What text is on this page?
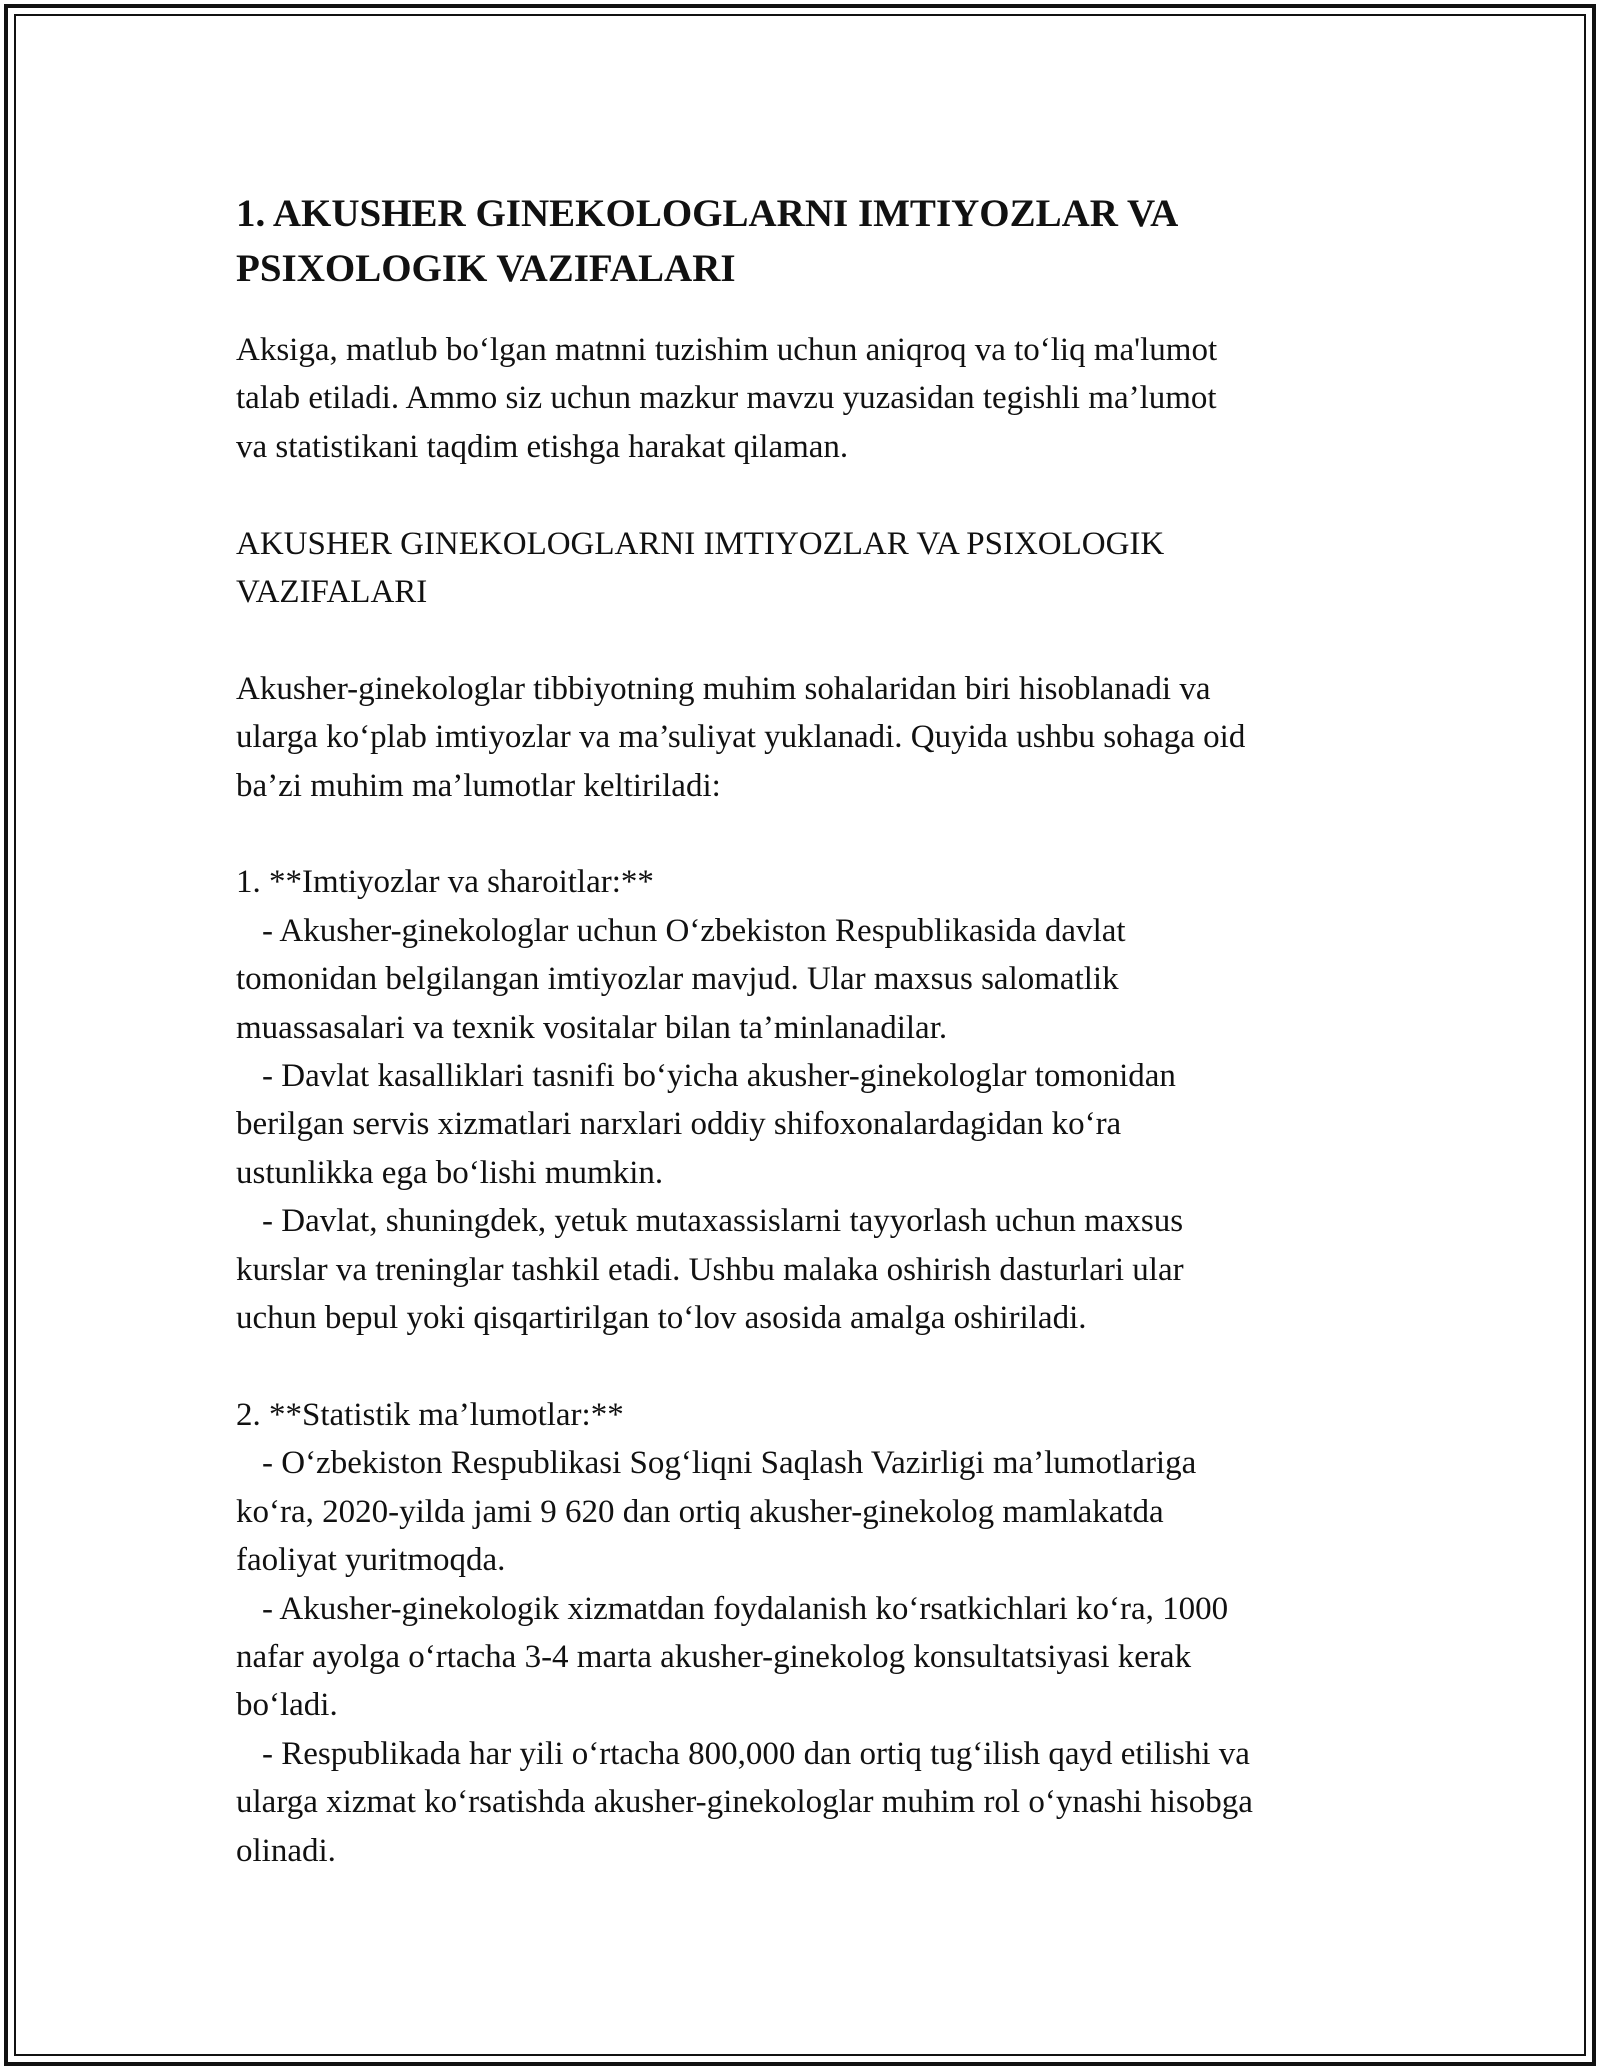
1. AKUSHER GINEKOLOGLARNI IMTIYOZLAR VA
PSIXOLOGIK VAZIFALARI

Aksiga, matlub bo‘lgan matnni tuzishim uchun aniqroq va to‘liq ma'lumot
talab etiladi. Ammo siz uchun mazkur mavzu yuzasidan tegishli ma’lumot
va statistikani taqdim etishga harakat qilaman.

AKUSHER GINEKOLOGLARNI IMTIYOZLAR VA PSIXOLOGIK
VAZIFALARI

Akusher-ginekologlar tibbiyotning muhim sohalaridan biri hisoblanadi va
ularga ko‘plab imtiyozlar va ma’suliyat yuklanadi. Quyida ushbu sohaga oid
ba’zi muhim ma’lumotlar keltiriladi:

1. **Imtiyozlar va sharoitlar:**

- Akusher-ginekologlar uchun O‘zbekiston Respublikasida davlat
tomonidan belgilangan imtiyozlar mavjud. Ular maxsus salomatlik
muassasalari va texnik vositalar bilan ta’minlanadilar.

- Davlat kasalliklari tasnifi bo‘yicha akusher-ginekologlar tomonidan
berilgan servis xizmatlari narxlari oddiy shifoxonalardagidan ko‘ra
ustunlikka ega bo‘lishi mumkin.

- Davlat, shuningdek, yetuk mutaxassislarni tayyorlash uchun maxsus
kurslar va treninglar tashkil etadi. Ushbu malaka oshirish dasturlari ular
uchun bepul yoki qisqartirilgan to‘lov asosida amalga oshiriladi.

2. **Statistik ma’lumotlar:**

- O‘zbekiston Respublikasi Sog‘liqni Saqlash Vazirligi ma’lumotlariga
ko‘ra, 2020-yilda jami 9 620 dan ortiq akusher-ginekolog mamlakatda
faoliyat yuritmoqda.

- Akusher-ginekologik xizmatdan foydalanish ko‘rsatkichlari ko‘ra, 1000
nafar ayolga o‘rtacha 3-4 marta akusher-ginekolog konsultatsiyasi kerak
bo‘ladi.

- Respublikada har yili o‘rtacha 800,000 dan ortiq tug‘ilish qayd etilishi va
ularga xizmat ko‘rsatishda akusher-ginekologlar muhim rol o‘ynashi hisobga
olinadi.
